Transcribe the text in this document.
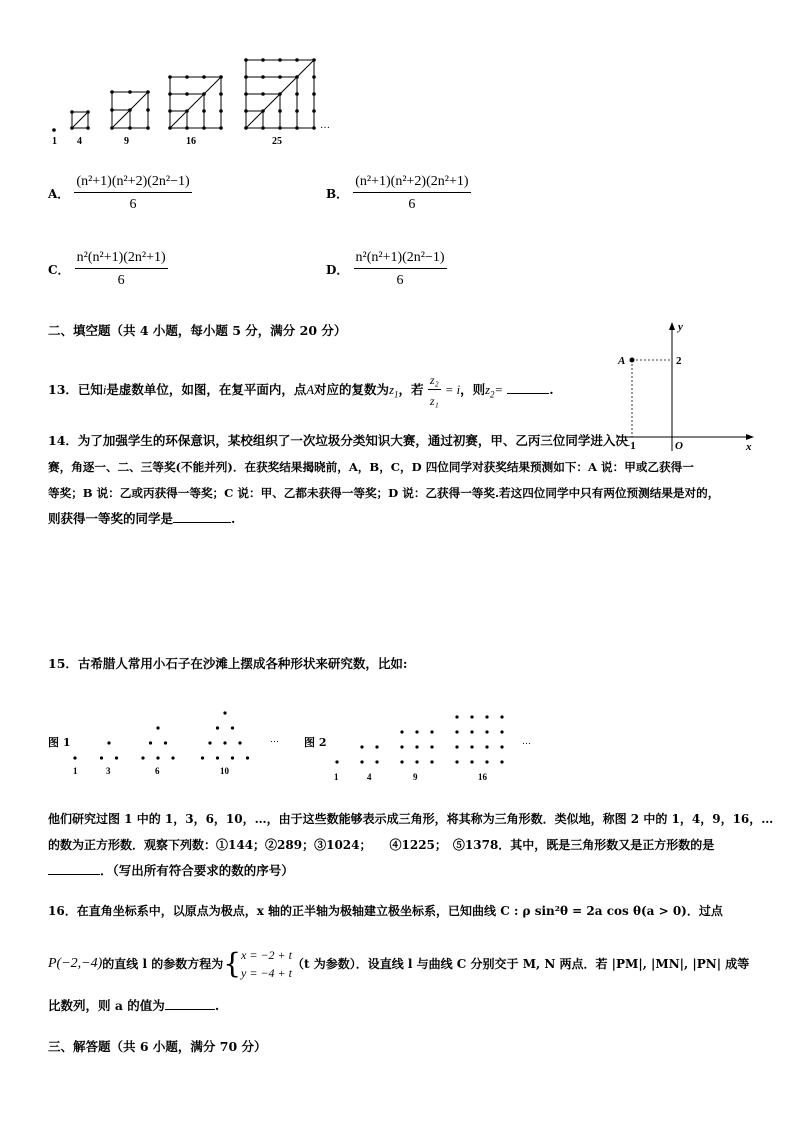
1 4	9	16	25
…
A． $\frac{\text{(n²+1)(n²+2)(2n²−1)}}{6}$	B． $\frac{\text{(n²+1)(n²+2)(2n²+1)}}{6}$
C． $\frac{\text{n²(n²+1)(2n²+1)}}{6}$	D． $\frac{\text{n²(n²+1)(2n²−1)}}{6}$
二、填空题（共 4 小题，每小题 5 分，满分 20 分）	y
x
A	2
−1	O
13．已知i是虚数单位，如图，在复平面内，点A对应的复数为$z_1$，若 $\frac{\text{z₂}}{\text{z₁}} = i$，则$z_2=$	.
14．为了加强学生的环保意识，某校组织了一次垃圾分类知识大赛，通过初赛，甲、乙丙三位同学进入决
赛，角逐一、二、三等奖(不能并列)．在获奖结果揭晓前，A，B，C，D 四位同学对获奖结果预测如下：A 说：甲或乙获得一
等奖；B 说：乙或丙获得一等奖；C 说：甲、乙都未获得一等奖；D 说：乙获得一等奖.若这四位同学中只有两位预测结果是对的，
则获得一等奖的同学是	.
15．古希腊人常用小石子在沙滩上摆成各种形状来研究数，比如:
图 1	图 2
1	3	6	10
…
1	4	9	16
…
他们研究过图 1 中的 1，3，6，10，…，由于这些数能够表示成三角形，将其称为三角形数．类似地，称图 2 中的 1，4，9，16，…
的数为正方形数．观察下列数：①144；②289；③1024；　　④1225；　⑤1378．其中，既是三角形数又是正方形数的是
．（写出所有符合要求的数的序号）
16．在直角坐标系中，以原点为极点，x 轴的正半轴为极轴建立极坐标系，已知曲线 C : ρ sin²θ = 2a cos θ(a > 0)．过点
P(−2,−4) 的直线 l 的参数方程为 { x = −2 + t
y = −4 + t
（t 为参数）．设直线 l 与曲线 C 分别交于 M, N 两点．若 |PM|, |MN|, |PN| 成等
比数列，则 a 的值为	.
三、解答题（共 6 小题，满分 70 分）
